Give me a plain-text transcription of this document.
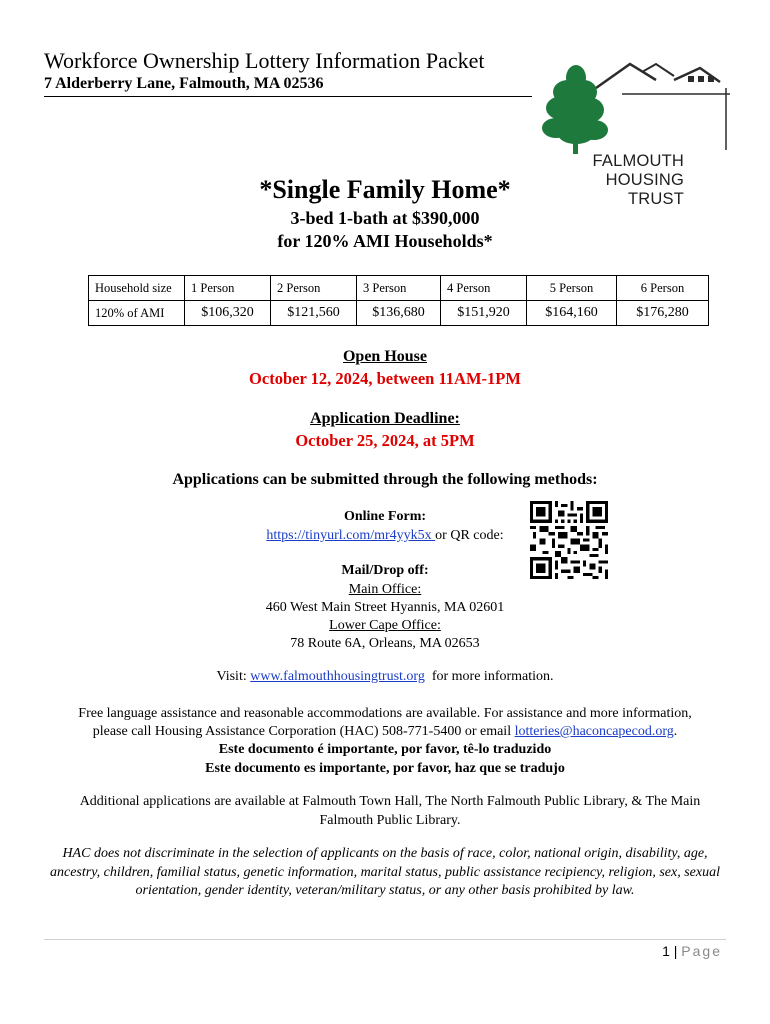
Workforce Ownership Lottery Information Packet
7 Alderberry Lane, Falmouth, MA 02536
FALMOUTH
HOUSING
TRUST
*Single Family Home*
3-bed 1-bath at $390,000
for 120% AMI Households*
Household size	1 Person	2 Person	3 Person	4 Person	5 Person	6 Person
120% of AMI	$106,320	$121,560	$136,680	$151,920	$164,160	$176,280
Open House
October 12, 2024, between 11AM-1PM
Application Deadline:
October 25, 2024, at 5PM
Applications can be submitted through the following methods:
Online Form:
https://tinyurl.com/mr4yyk5x or QR code:
Mail/Drop off:
Main Office:
460 West Main Street Hyannis, MA 02601
Lower Cape Office:
78 Route 6A, Orleans, MA 02653
Visit: www.falmouthhousingtrust.org  for more information.
Free language assistance and reasonable accommodations are available. For assistance and more information,
please call Housing Assistance Corporation (HAC) 508-771-5400 or email lotteries@haconcapecod.org.
Este documento é importante, por favor, tê-lo traduzido
Este documento es importante, por favor, haz que se tradujo
Additional applications are available at Falmouth Town Hall, The North Falmouth Public Library, & The Main Falmouth Public Library.
HAC does not discriminate in the selection of applicants on the basis of race, color, national origin, disability, age, ancestry, children, familial status, genetic information, marital status, public assistance recipiency, religion, sex, sexual orientation, gender identity, veteran/military status, or any other basis prohibited by law.
1 | Page
